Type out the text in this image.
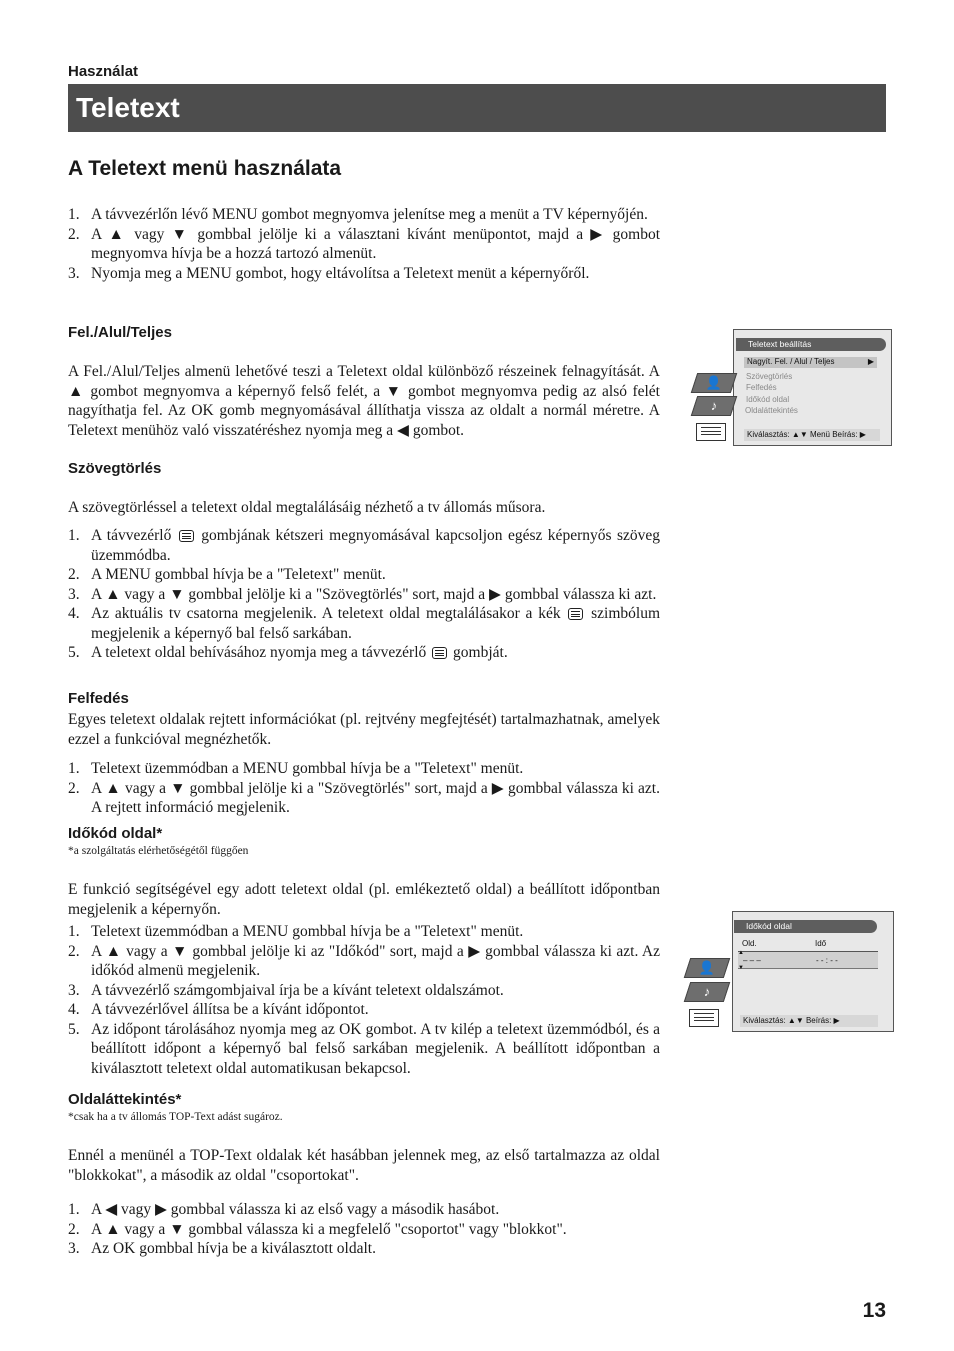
Használat
Teletext
A Teletext menü használata
1. A távvezérlőn lévő MENU gombot megnyomva jelenítse meg a menüt a TV képernyőjén.
2. A ▲ vagy ▼ gombbal jelölje ki a választani kívánt menüpontot, majd a ▶ gombot megnyomva hívja be a hozzá tartozó almenüt.
3. Nyomja meg a MENU gombot, hogy eltávolítsa a Teletext menüt a képernyőről.
Fel./Alul/Teljes
A Fel./Alul/Teljes almenü lehetővé teszi a Teletext oldal különböző részeinek felnagyítását. A ▲ gombot megnyomva a képernyő felső felét, a ▼ gombot megnyomva pedig az alsó felét nagyíthatja fel. Az OK gomb megnyomásával állíthatja vissza az oldalt a normál méretre. A Teletext menühöz való visszatéréshez nyomja meg a ◀ gombot.
Teletext beállítás
Nagyít. Fel. / Alul / Teljes	▶
Szövegtörlés
Felfedés
Időkód oldal
Oldaláttekintés
Kiválasztás: ▲▼ Menü Beírás: ▶
👤
♪
Szövegtörlés
A szövegtörléssel a teletext oldal megtalálásáig nézhető a tv állomás műsora.
1. A távvezérlő  gombjának kétszeri megnyomásával kapcsoljon egész képernyős szöveg üzemmódba.
2. A MENU gombbal hívja be a "Teletext" menüt.
3. A ▲ vagy a ▼ gombbal jelölje ki a "Szövegtörlés" sort, majd a ▶ gombbal válassza ki azt.
4. Az aktuális tv csatorna megjelenik. A teletext oldal megtalálásakor a kék  szimbólum megjelenik a képernyő bal felső sarkában.
5. A teletext oldal behívásához nyomja meg a távvezérlő  gombját.
Felfedés
Egyes teletext oldalak rejtett információkat (pl. rejtvény megfejtését) tartalmazhatnak, amelyek ezzel a funkcióval megnézhetők.
1. Teletext üzemmódban a MENU gombbal hívja be a "Teletext" menüt.
2. A ▲ vagy a ▼ gombbal jelölje ki a "Szövegtörlés" sort, majd a ▶ gombbal válassza ki azt. A rejtett információ megjelenik.
Időkód oldal*
*a szolgáltatás elérhetőségétől függően
E funkció segítségével egy adott teletext oldal (pl. emlékeztető oldal) a beállított időpontban megjelenik a képernyőn.
1. Teletext üzemmódban a MENU gombbal hívja be a "Teletext" menüt.
2. A ▲ vagy a ▼ gombbal jelölje ki az "Időkód" sort, majd a ▶ gombbal válassza ki azt. Az időkód almenü megjelenik.
3. A távvezérlő számgombjaival írja be a kívánt teletext oldalszámot.
4. A távvezérlővel állítsa be a kívánt időpontot.
5. Az időpont tárolásához nyomja meg az OK gombot. A tv kilép a teletext üzemmódból, és a beállított időpont a képernyő bal felső sarkában megjelenik. A beállított időpontban a kiválasztott teletext oldal automatikusan bekapcsol.
Időkód oldal
Old.	Idő
▲
▼
– – –	- - : - -
Kiválasztás: ▲▼ Beírás: ▶
👤
♪
Oldaláttekintés*
*csak ha a tv állomás TOP-Text adást sugároz.
Ennél a menünél a TOP-Text oldalak két hasábban jelennek meg, az első tartalmazza az oldal "blokkokat", a második az oldal "csoportokat".
1. A ◀ vagy ▶ gombbal válassza ki az első vagy a második hasábot.
2. A ▲ vagy a ▼ gombbal válassza ki a megfelelő "csoportot" vagy "blokkot".
3. Az OK gombbal hívja be a kiválasztott oldalt.
13
